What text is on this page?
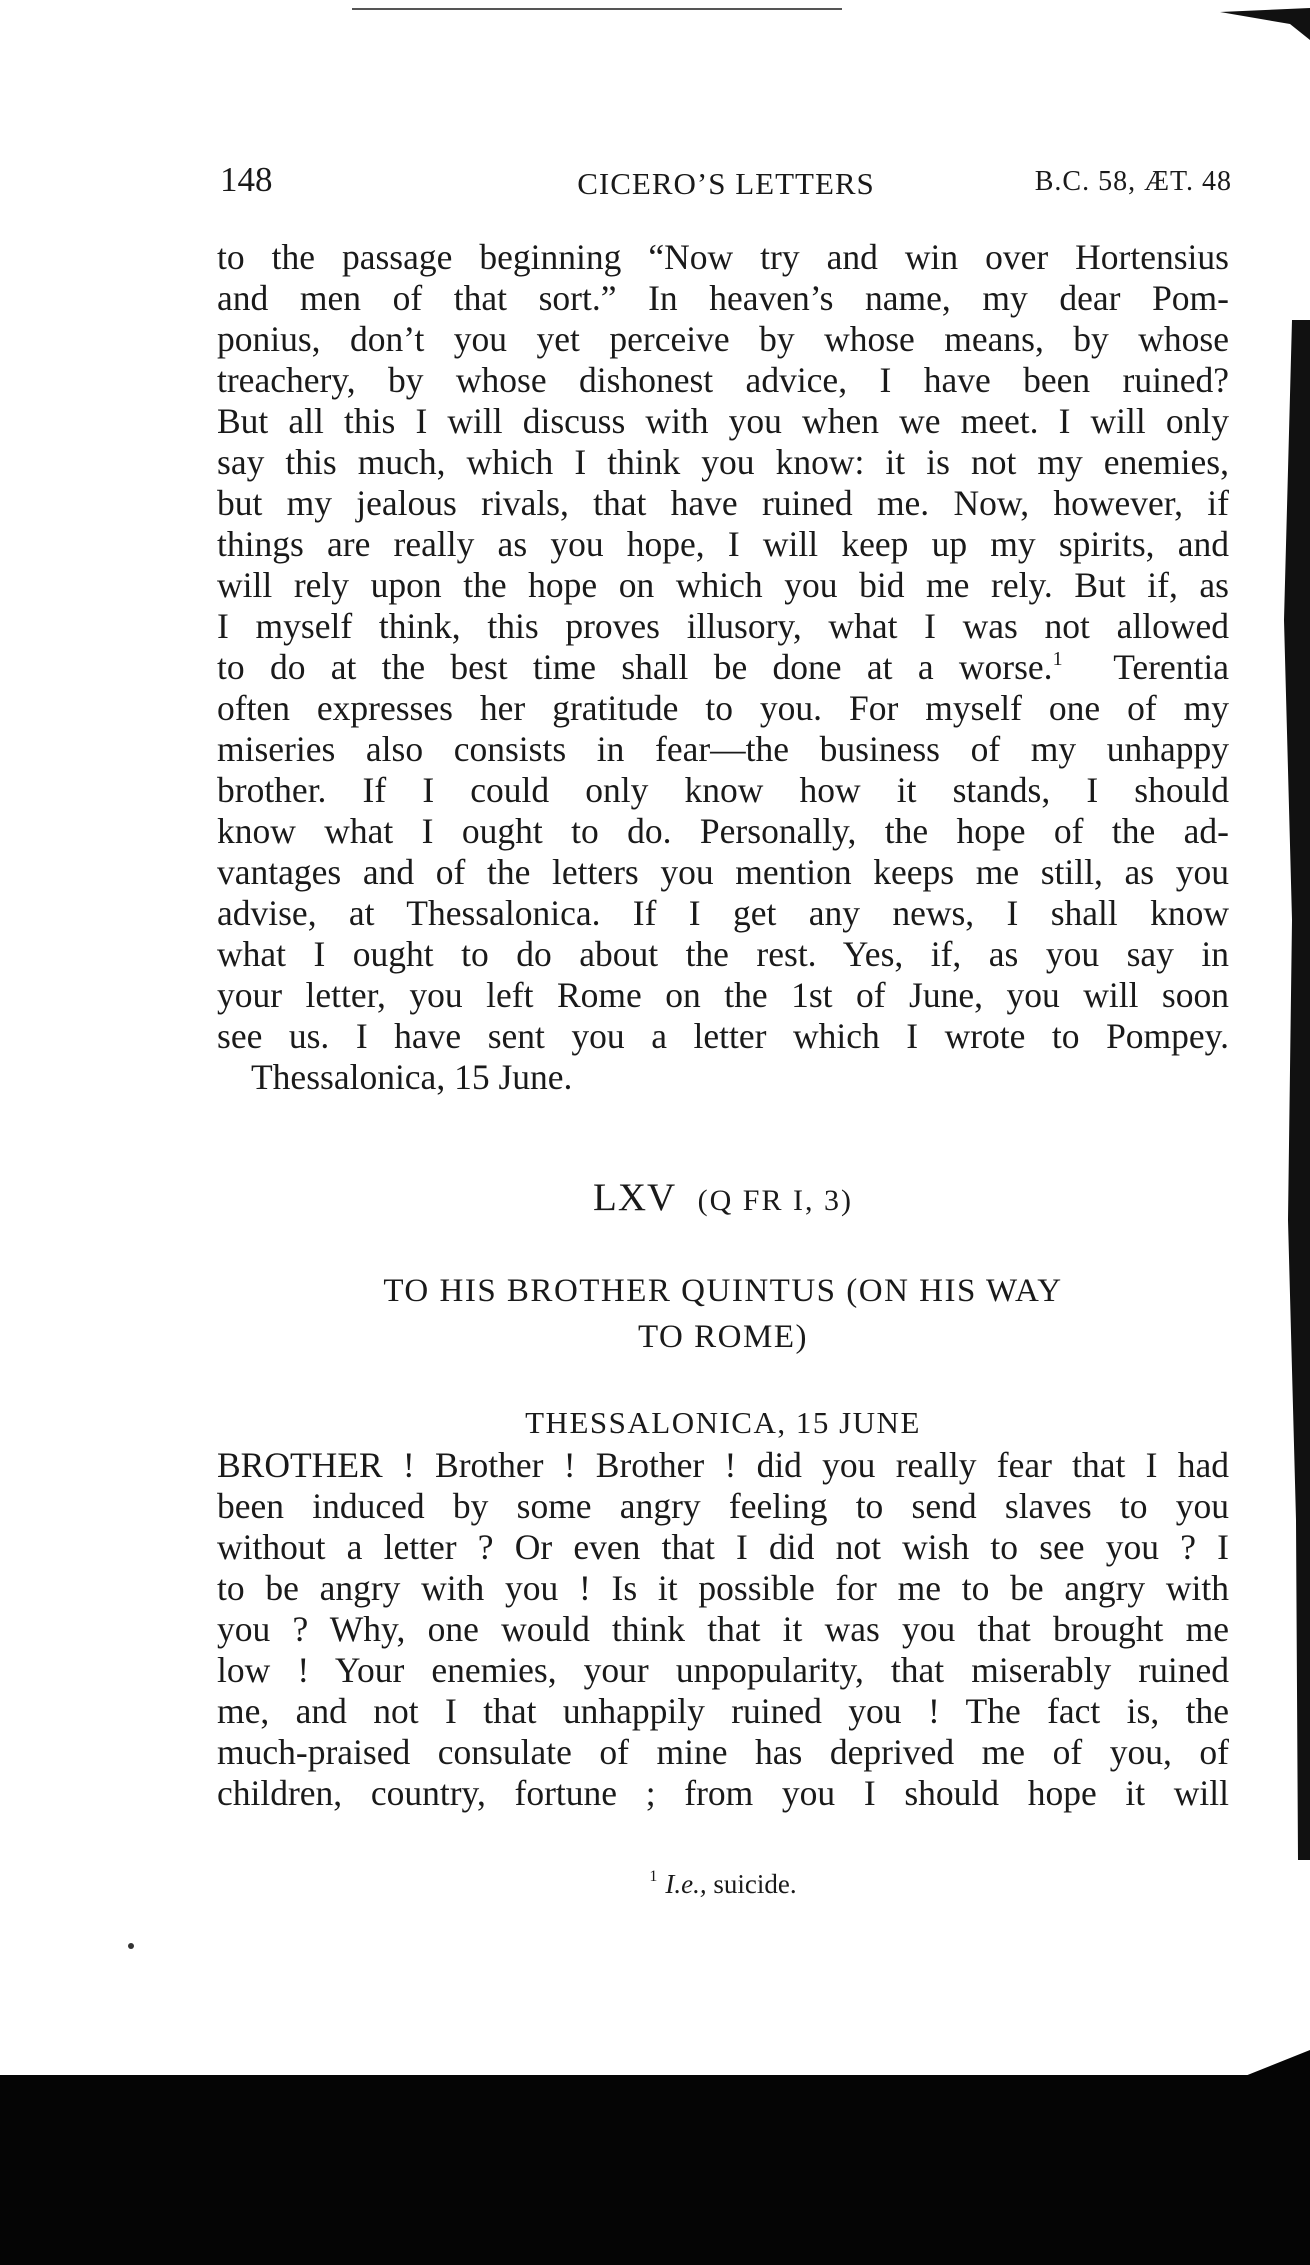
148	CICERO’S LETTERS	B.C. 58, ÆT. 48
to the passage beginning “Now try and win over Hortensius
and men of that sort.” In heaven’s name, my dear Pom-
ponius, don’t you yet perceive by whose means, by whose
treachery, by whose dishonest advice, I have been ruined?
But all this I will discuss with you when we meet. I will only
say this much, which I think you know: it is not my enemies,
but my jealous rivals, that have ruined me. Now, however, if
things are really as you hope, I will keep up my spirits, and
will rely upon the hope on which you bid me rely. But if, as
I myself think, this proves illusory, what I was not allowed
to do at the best time shall be done at a worse.$^1$ Terentia
often expresses her gratitude to you. For myself one of my
miseries also consists in fear—the business of my unhappy
brother. If I could only know how it stands, I should
know what I ought to do. Personally, the hope of the ad-
vantages and of the letters you mention keeps me still, as you
advise, at Thessalonica. If I get any news, I shall know
what I ought to do about the rest. Yes, if, as you say in
your letter, you left Rome on the 1st of June, you will soon
see us. I have sent you a letter which I wrote to Pompey.
Thessalonica, 15 June.
LXV (Q FR I, 3)
TO HIS BROTHER QUINTUS (ON HIS WAY
TO ROME)
THESSALONICA, 15 JUNE
BROTHER ! Brother ! Brother ! did you really fear that I had
been induced by some angry feeling to send slaves to you
without a letter ? Or even that I did not wish to see you ? I
to be angry with you ! Is it possible for me to be angry with
you ? Why, one would think that it was you that brought me
low ! Your enemies, your unpopularity, that miserably ruined
me, and not I that unhappily ruined you ! The fact is, the
much-praised consulate of mine has deprived me of you, of
children, country, fortune ; from you I should hope it will
$^1$ I.e., suicide.
